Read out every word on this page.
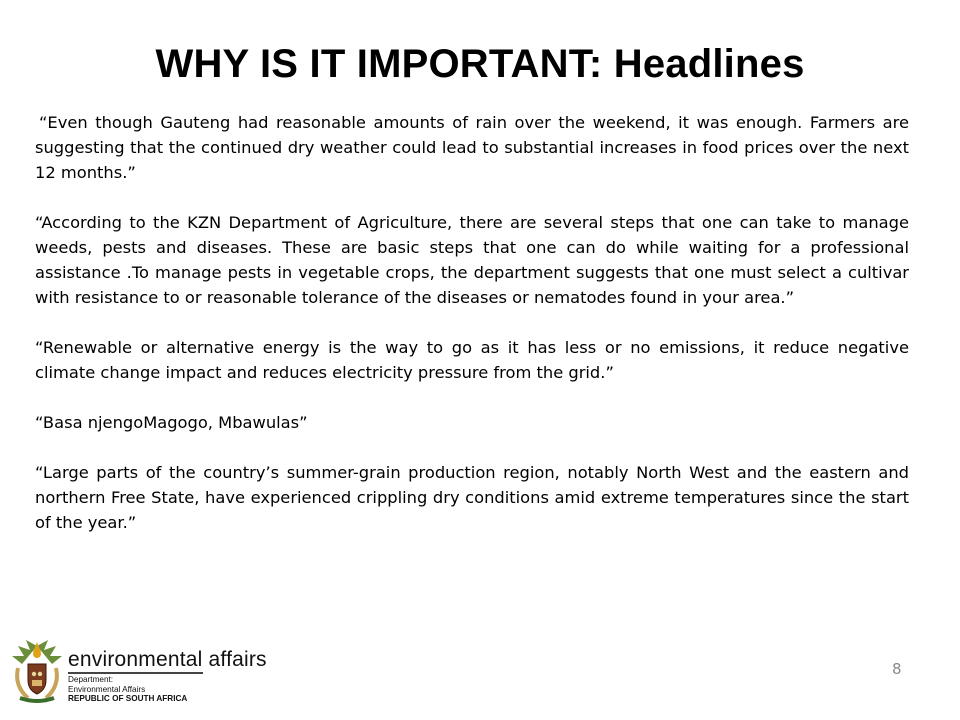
WHY IS IT IMPORTANT: Headlines

“Even though Gauteng had reasonable amounts of rain over the weekend, it was enough. Farmers are suggesting that the continued dry weather could lead to substantial increases in food prices over the next 12 months.”

“According to the KZN Department of Agriculture, there are several steps that one can take to manage weeds, pests and diseases. These are basic steps that one can do while waiting for a professional assistance .To manage pests in vegetable crops, the department suggests that one must select a cultivar with resistance to or reasonable tolerance of the diseases or nematodes found in your area.”

“Renewable or alternative energy is the way to go as it has less or no emissions, it reduce negative climate change impact and reduces electricity pressure from the grid.”

“Basa njengoMagogo, Mbawulas”

“Large parts of the country’s summer-grain production region, notably North West and the eastern and northern Free State, have experienced crippling dry conditions amid extreme temperatures since the start of the year.”

environmental affairs
Department:
Environmental Affairs
REPUBLIC OF SOUTH AFRICA
8
